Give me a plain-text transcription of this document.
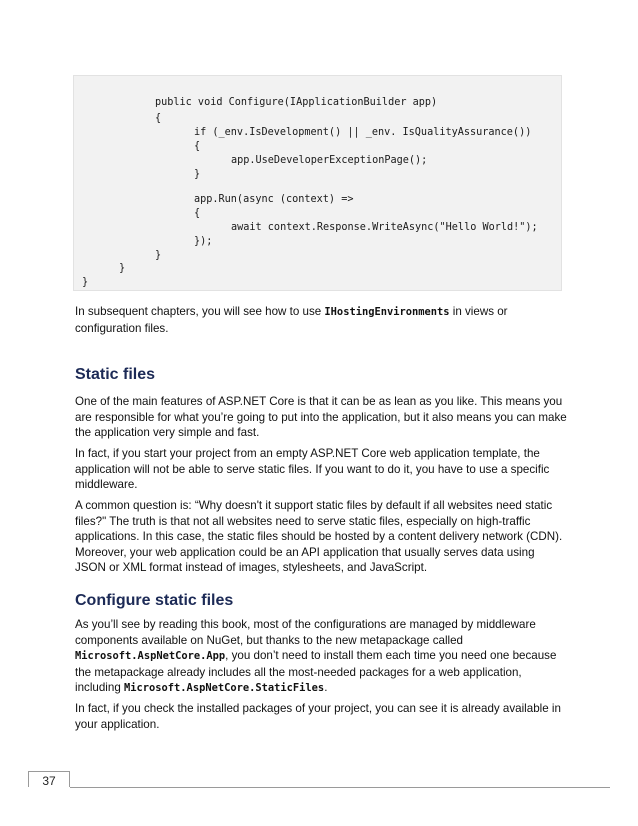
public void Configure(IApplicationBuilder app)
{
if (_env.IsDevelopment() || _env. IsQualityAssurance())
{
app.UseDeveloperExceptionPage();
}
app.Run(async (context) =>
{
await context.Response.WriteAsync("Hello World!");
});
}
}
}

In subsequent chapters, you will see how to use IHostingEnvironments in views or configuration files.

Static files

One of the main features of ASP.NET Core is that it can be as lean as you like. This means you are responsible for what you’re going to put into the application, but it also means you can make the application very simple and fast.

In fact, if you start your project from an empty ASP.NET Core web application template, the application will not be able to serve static files. If you want to do it, you have to use a specific middleware.

A common question is: “Why doesn't it support static files by default if all websites need static files?" The truth is that not all websites need to serve static files, especially on high-traffic applications. In this case, the static files should be hosted by a content delivery network (CDN). Moreover, your web application could be an API application that usually serves data using JSON or XML format instead of images, stylesheets, and JavaScript.

Configure static files

As you’ll see by reading this book, most of the configurations are managed by middleware components available on NuGet, but thanks to the new metapackage called Microsoft.AspNetCore.App, you don’t need to install them each time you need one because the metapackage already includes all the most-needed packages for a web application, including Microsoft.AspNetCore.StaticFiles.

In fact, if you check the installed packages of your project, you can see it is already available in your application.

37
